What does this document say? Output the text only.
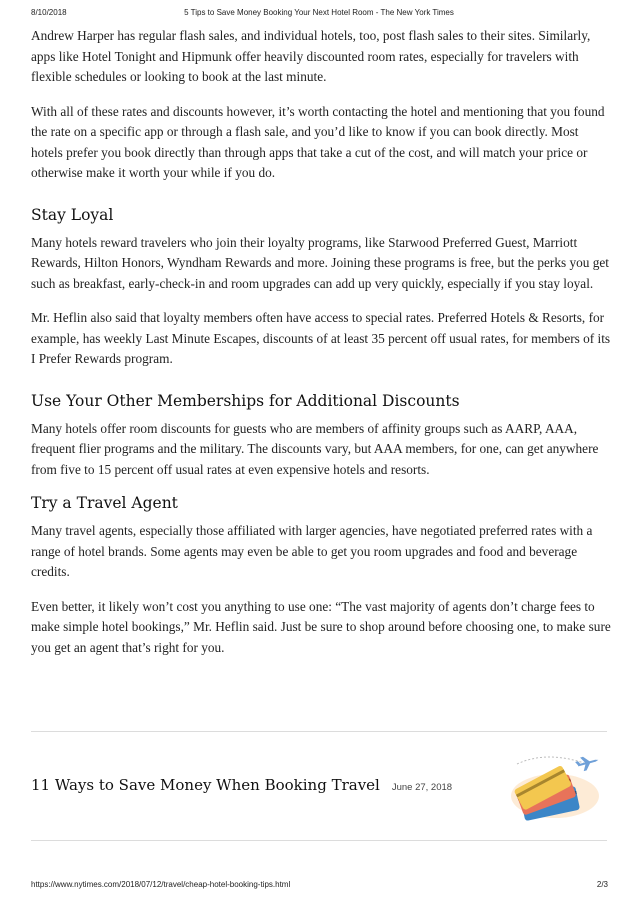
8/10/2018	5 Tips to Save Money Booking Your Next Hotel Room - The New York Times

Andrew Harper has regular flash sales, and individual hotels, too, post flash sales to their sites. Similarly, apps like Hotel Tonight and Hipmunk offer heavily discounted room rates, especially for travelers with flexible schedules or looking to book at the last minute.

With all of these rates and discounts however, it’s worth contacting the hotel and mentioning that you found the rate on a specific app or through a flash sale, and you’d like to know if you can book directly. Most hotels prefer you book directly than through apps that take a cut of the cost, and will match your price or otherwise make it worth your while if you do.

Stay Loyal

Many hotels reward travelers who join their loyalty programs, like Starwood Preferred Guest, Marriott Rewards, Hilton Honors, Wyndham Rewards and more. Joining these programs is free, but the perks you get such as breakfast, early-check-in and room upgrades can add up very quickly, especially if you stay loyal.

Mr. Heflin also said that loyalty members often have access to special rates. Preferred Hotels & Resorts, for example, has weekly Last Minute Escapes, discounts of at least 35 percent off usual rates, for members of its I Prefer Rewards program.

Use Your Other Memberships for Additional Discounts

Many hotels offer room discounts for guests who are members of affinity groups such as AARP, AAA, frequent flier programs and the military. The discounts vary, but AAA members, for one, can get anywhere from five to 15 percent off usual rates at even expensive hotels and resorts.

Try a Travel Agent

Many travel agents, especially those affiliated with larger agencies, have negotiated preferred rates with a range of hotel brands. Some agents may even be able to get you room upgrades and food and beverage credits.

Even better, it likely won’t cost you anything to use one: “The vast majority of agents don’t charge fees to make simple hotel bookings,” Mr. Heflin said. Just be sure to shop around before choosing one, to make sure you get an agent that’s right for you.

11 Ways to Save Money When Booking Travel June 27, 2018
https://www.nytimes.com/2018/07/12/travel/cheap-hotel-booking-tips.html	2/3
